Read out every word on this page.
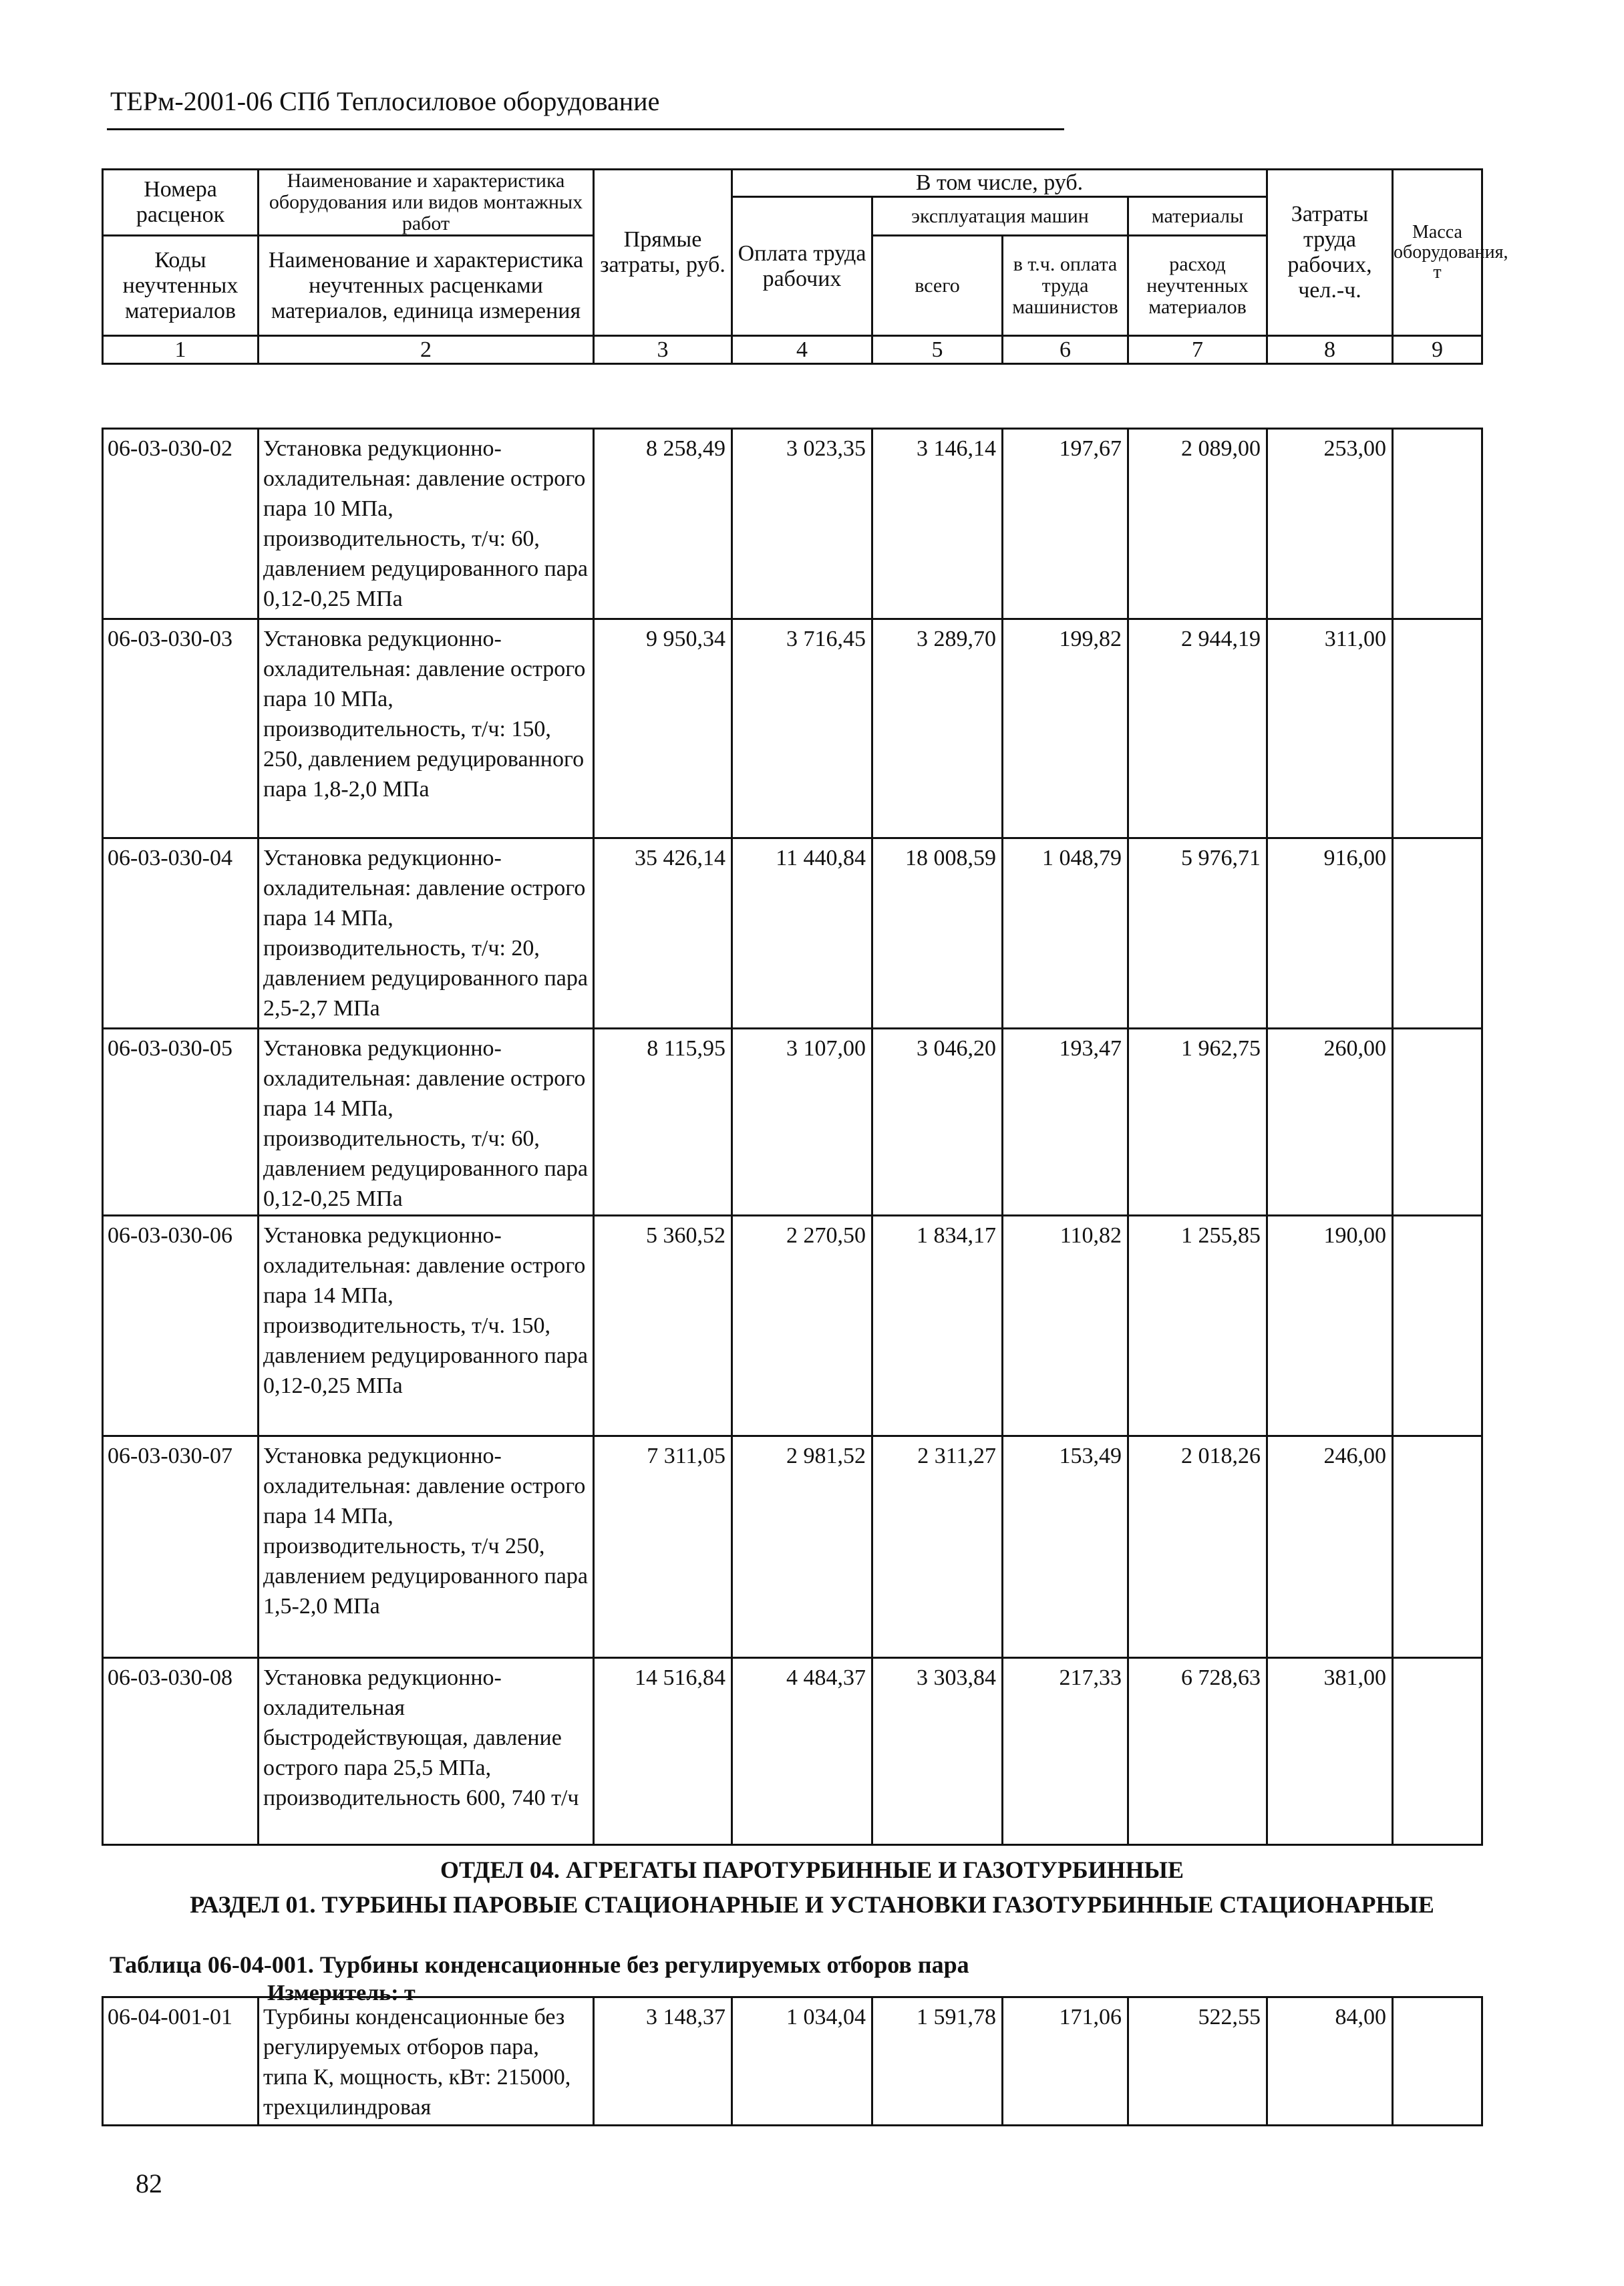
ТЕРм-2001-06 СПб Теплосиловое оборудование
Номера расценок	Наименование и характеристика оборудования или видов монтажных работ	Прямые затраты, руб.	В том числе, руб.				Затраты труда рабочих, чел.-ч.	Масса оборудования, т
			Оплата труда рабочих	эксплуатация машин		материалы		
Коды неучтенных материалов	Наименование и характеристика неучтенных расценками материалов, единица измерения			всего	в т.ч. оплата труда машинистов	расход неучтенных материалов		

1	2	3	4	5	6	7	8	9
06-03-030-02	Установка редукционно-охладительная: давление острого пара 10 МПа, производительность, т/ч: 60, давлением редуцированного пара 0,12-0,25 МПа	8 258,49	3 023,35	3 146,14	197,67	2 089,00	253,00	
06-03-030-03	Установка редукционно-охладительная: давление острого пара 10 МПа, производительность, т/ч: 150, 250, давлением редуцированного пара 1,8-2,0 МПа	9 950,34	3 716,45	3 289,70	199,82	2 944,19	311,00	
06-03-030-04	Установка редукционно-охладительная: давление острого пара 14 МПа, производительность, т/ч: 20, давлением редуцированного пара 2,5-2,7 МПа	35 426,14	11 440,84	18 008,59	1 048,79	5 976,71	916,00	
06-03-030-05	Установка редукционно-охладительная: давление острого пара 14 МПа, производительность, т/ч: 60, давлением редуцированного пара 0,12-0,25 МПа	8 115,95	3 107,00	3 046,20	193,47	1 962,75	260,00	
06-03-030-06	Установка редукционно-охладительная: давление острого пара 14 МПа, производительность, т/ч. 150, давлением редуцированного пара 0,12-0,25 МПа	5 360,52	2 270,50	1 834,17	110,82	1 255,85	190,00	
06-03-030-07	Установка редукционно-охладительная: давление острого пара 14 МПа, производительность, т/ч 250, давлением редуцированного пара 1,5-2,0 МПа	7 311,05	2 981,52	2 311,27	153,49	2 018,26	246,00	
06-03-030-08	Установка редукционно-охладительная быстродействующая, давление острого пара 25,5 МПа, производительность 600, 740 т/ч	14 516,84	4 484,37	3 303,84	217,33	6 728,63	381,00	
ОТДЕЛ 04. АГРЕГАТЫ ПАРОТУРБИННЫЕ И ГАЗОТУРБИННЫЕ
РАЗДЕЛ 01. ТУРБИНЫ ПАРОВЫЕ СТАЦИОНАРНЫЕ И УСТАНОВКИ ГАЗОТУРБИННЫЕ СТАЦИОНАРНЫЕ
Таблица 06-04-001. Турбины конденсационные без регулируемых отборов пара
Измеритель: т
06-04-001-01	Турбины конденсационные без регулируемых отборов пара, типа К, мощность, кВт: 215000, трехцилиндровая	3 148,37	1 034,04	1 591,78	171,06	522,55	84,00	
82
